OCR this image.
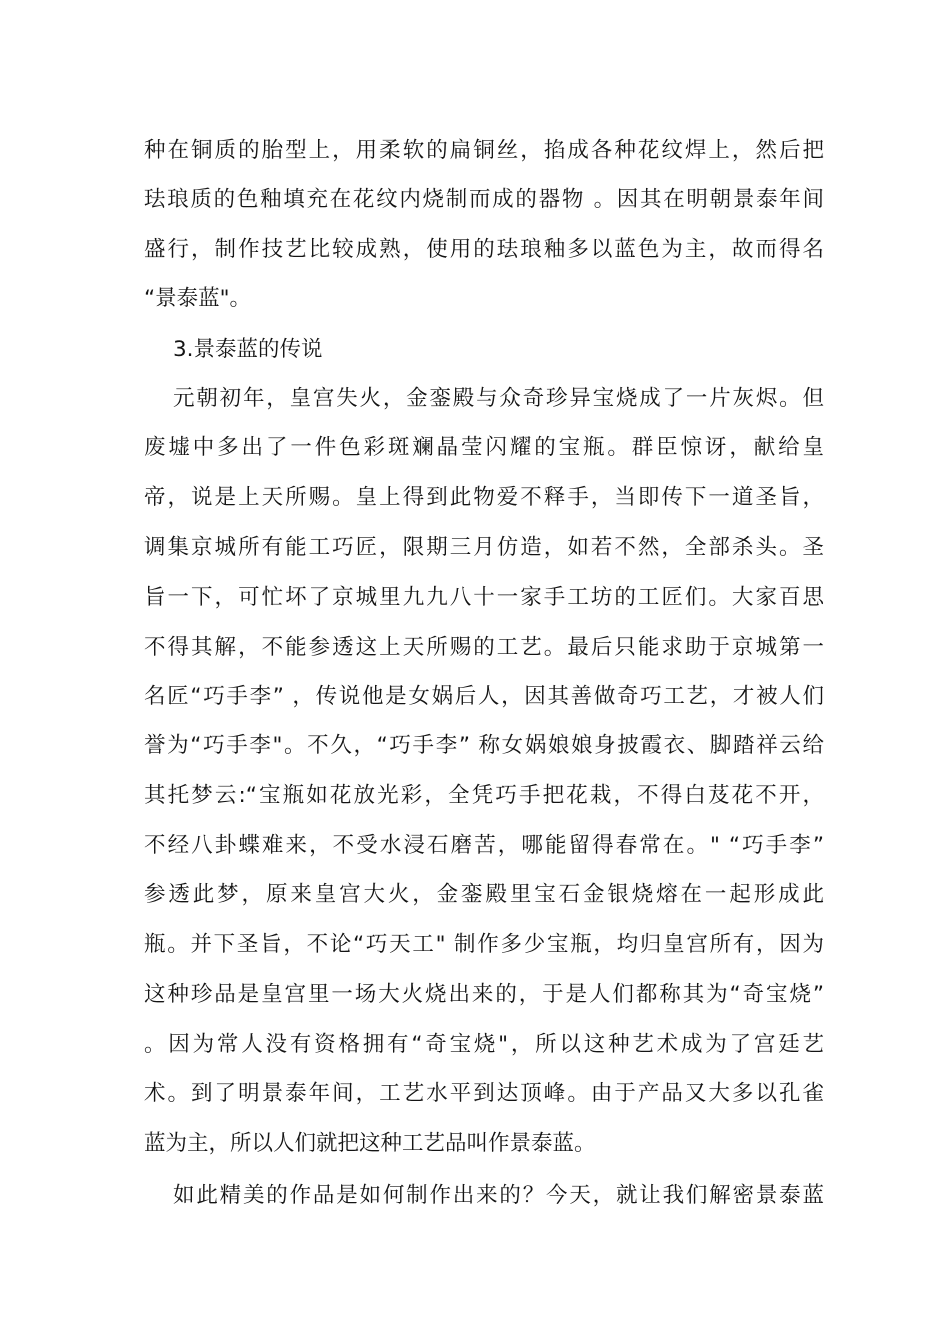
种在铜质的胎型上，用柔软的扁铜丝，掐成各种花纹焊上，然后把
珐琅质的色釉填充在花纹内烧制而成的器物 。因其在明朝景泰年间
盛行，制作技艺比较成熟，使用的珐琅釉多以蓝色为主，故而得名
“景泰蓝"。
3.景泰蓝的传说
元朝初年，皇宫失火，金銮殿与众奇珍异宝烧成了一片灰烬。但
废墟中多出了一件色彩斑斓晶莹闪耀的宝瓶。群臣惊讶，献给皇
帝，说是上天所赐。皇上得到此物爱不释手，当即传下一道圣旨，
调集京城所有能工巧匠，限期三月仿造，如若不然，全部杀头。圣
旨一下，可忙坏了京城里九九八十一家手工坊的工匠们。大家百思
不得其解，不能参透这上天所赐的工艺。最后只能求助于京城第一
名匠“巧手李” ，传说他是女娲后人，因其善做奇巧工艺，才被人们
誉为“巧手李"。不久，“巧手李” 称女娲娘娘身披霞衣、脚踏祥云给
其托梦云:“宝瓶如花放光彩，全凭巧手把花栽，不得白芨花不开，
不经八卦蝶难来，不受水浸石磨苦，哪能留得春常在。" “巧手李”
参透此梦，原来皇宫大火，金銮殿里宝石金银烧熔在一起形成此
瓶。并下圣旨，不论“巧天工" 制作多少宝瓶，均归皇宫所有，因为
这种珍品是皇宫里一场大火烧出来的，于是人们都称其为“奇宝烧”
。因为常人没有资格拥有“奇宝烧"，所以这种艺术成为了宫廷艺
术。到了明景泰年间，工艺水平到达顶峰。由于产品又大多以孔雀
蓝为主，所以人们就把这种工艺品叫作景泰蓝。
如此精美的作品是如何制作出来的？今天，就让我们解密景泰蓝
